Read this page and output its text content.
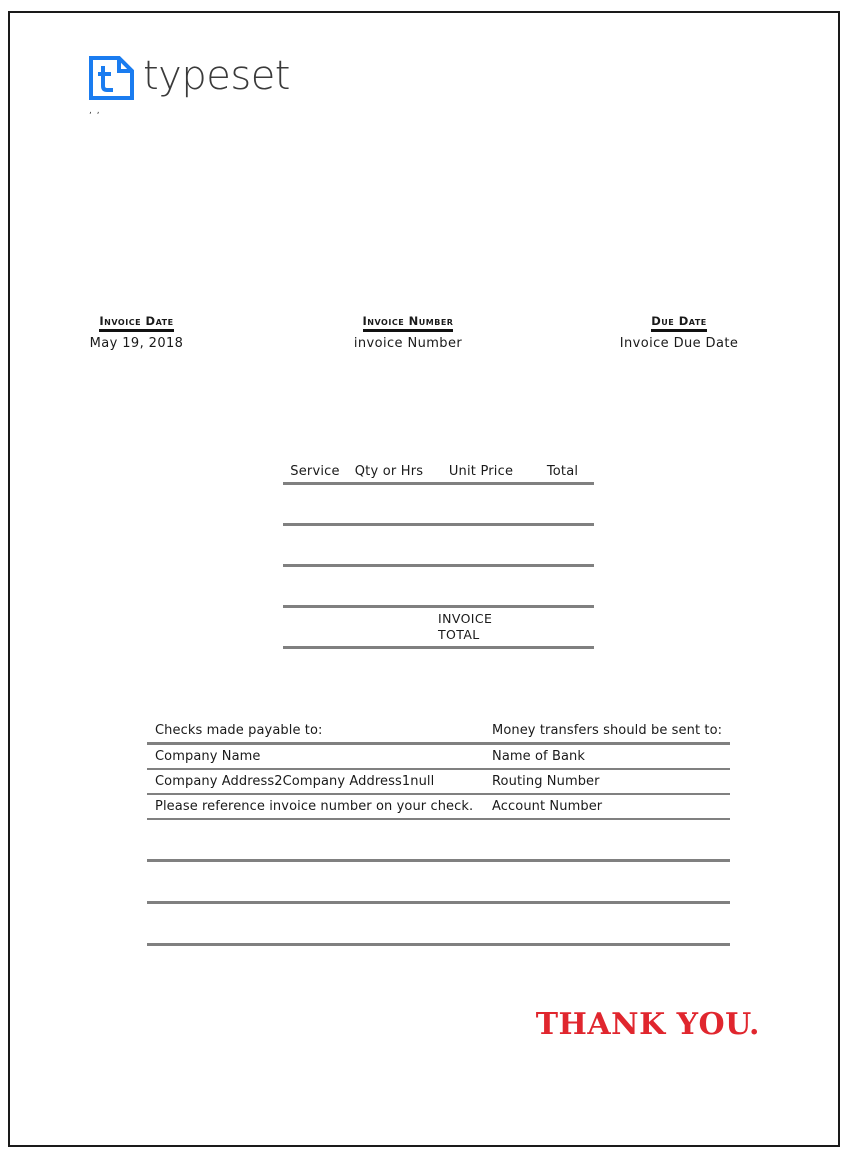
typeset
, ,
Invoice Date
May 19, 2018
Invoice Number
invoice Number
Due Date
Invoice Due Date
Service	Qty or Hrs	Unit Price	Total

		INVOICE TOTAL	
Checks made payable to:	Money transfers should be sent to:
Company Name	Name of Bank
Company Address2Company Address1null	Routing Number
Please reference invoice number on your check.	Account Number

THANK YOU.
